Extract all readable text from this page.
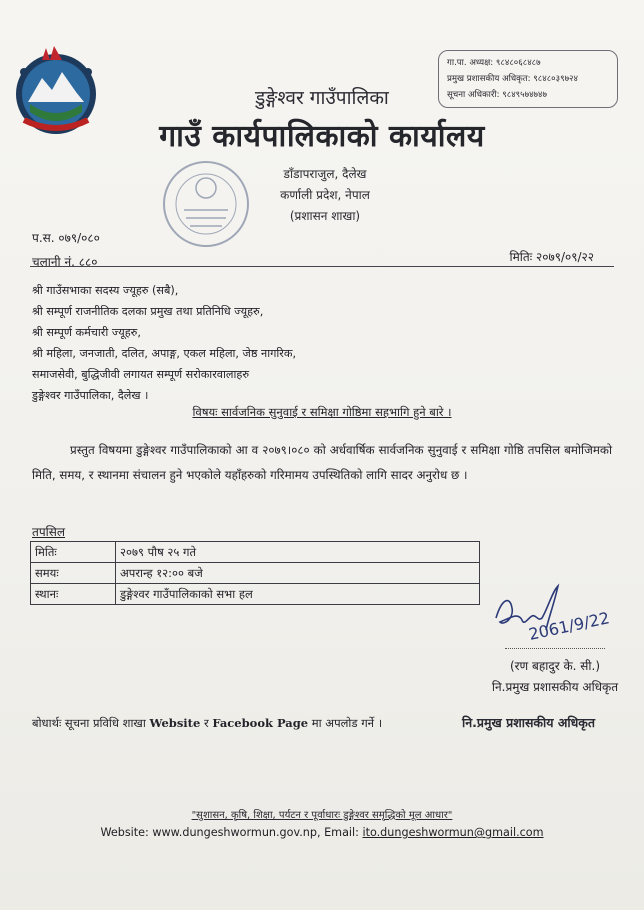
डुङ्गेश्वर गाउँपालिका
गाउँ कार्यपालिकाको कार्यालय
गा.पा. अध्यक्ष: ९८४८०६८४८७
प्रमुख प्रशासकीय अधिकृत: ९८४८०३९७२४
सूचना अधिकारी: ९८४९५७४७४७
डाँडापराजुल, दैलेख
कर्णाली प्रदेश, नेपाल
(प्रशासन शाखा)
प.स. ०७९/०८०
चलानी नं. ८८०	मितिः २०७९/०९/२२
श्री गाउँसभाका सदस्य ज्यूहरु (सबै),
श्री सम्पूर्ण राजनीतिक दलका प्रमुख तथा प्रतिनिधि ज्यूहरु,
श्री सम्पूर्ण कर्मचारी ज्यूहरु,
श्री महिला, जनजाती, दलित, अपाङ्ग, एकल महिला, जेष्ठ नागरिक,
समाजसेवी, बुद्धिजीवी लगायत सम्पूर्ण सरोकारवालाहरु
डुङ्गेश्वर गाउँपालिका, दैलेख ।
विषयः सार्वजनिक सुनुवाई र समिक्षा गोष्ठिमा सहभागि हुने बारे ।
प्रस्तुत विषयमा डुङ्गेश्वर गाउँपालिकाको आ व २०७९।०८० को अर्धवार्षिक सार्वजनिक सुनुवाई र समिक्षा गोष्ठि तपसिल बमोजिमको मिति, समय, र स्थानमा संचालन हुने भएकोले यहाँहरुको गरिमामय उपस्थितिको लागि सादर अनुरोध छ ।
तपसिल
मितिः	२०७९ पौष २५ गते
समयः	अपरान्ह १२:०० बजे
स्थानः	डुङ्गेश्वर गाउँपालिकाको सभा हल
2061/9/22
(रण बहादुर के. सी.)
नि.प्रमुख प्रशासकीय अधिकृत
बोधार्थः सूचना प्रविधि शाखा Website र Facebook Page मा अपलोड गर्ने ।	नि.प्रमुख प्रशासकीय अधिकृत
"सुशासन, कृषि, शिक्षा, पर्यटन र पूर्वाधारः डुङ्गेश्वर समृद्धिको मूल आधार"
Website: www.dungeshwormun.gov.np, Email: ito.dungeshwormun@gmail.com
